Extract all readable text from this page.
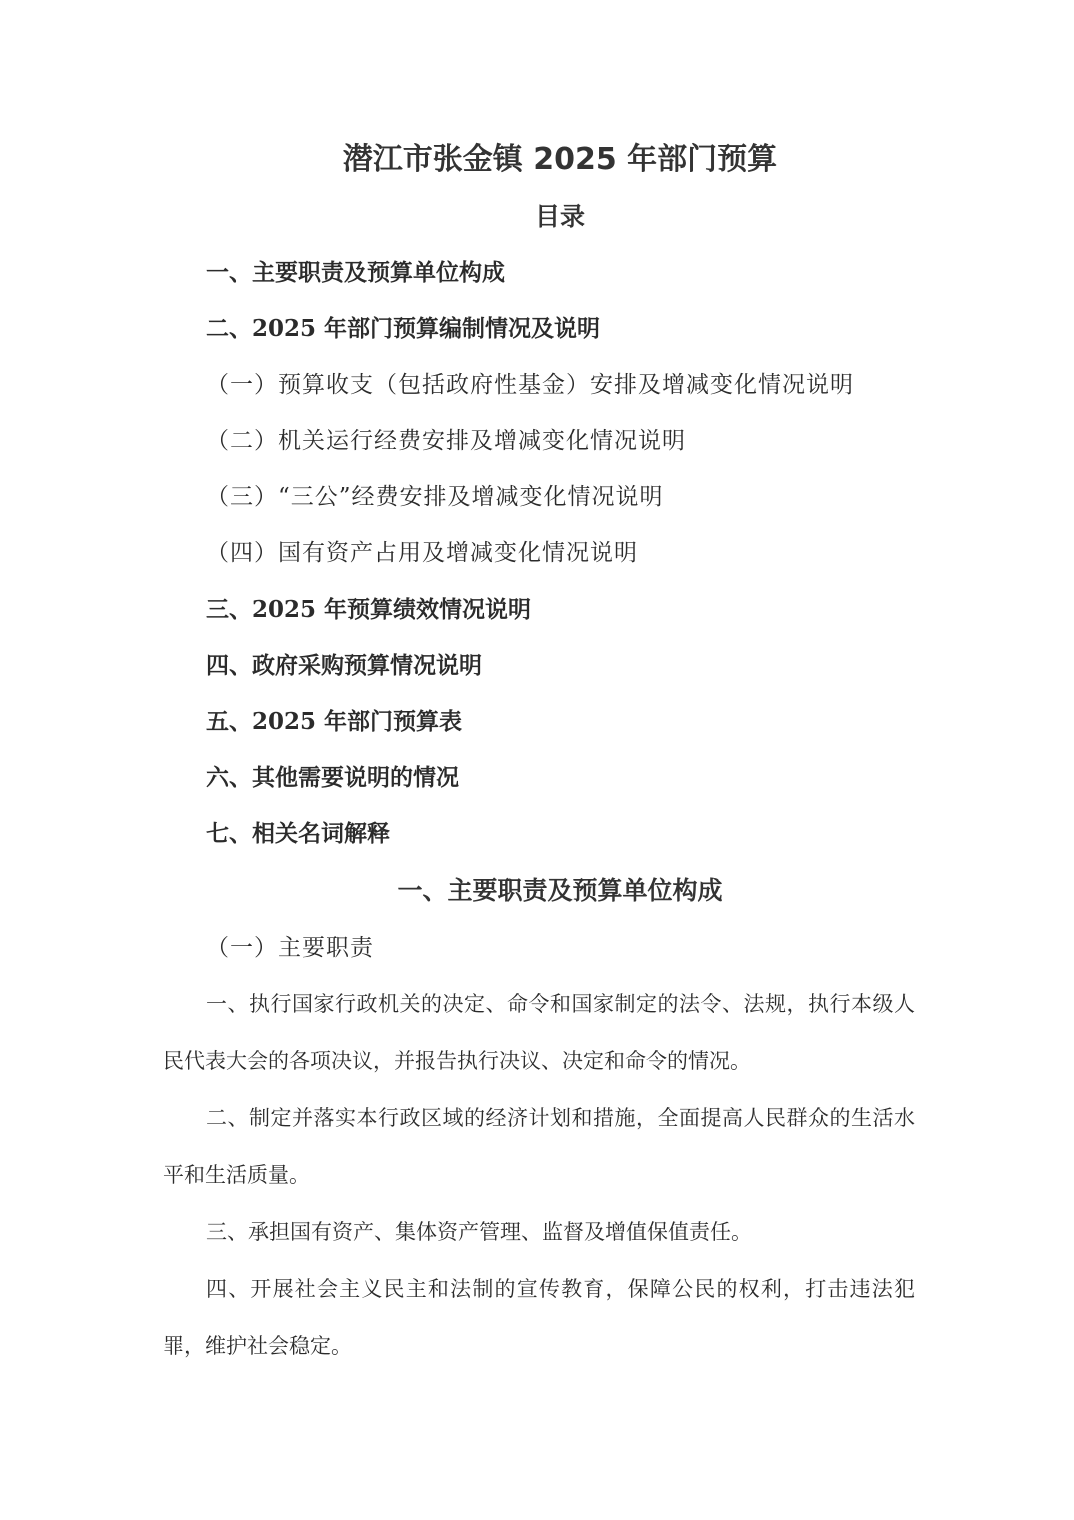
潜江市张金镇 2025 年部门预算
目录
一、主要职责及预算单位构成
二、2025 年部门预算编制情况及说明
（一）预算收支（包括政府性基金）安排及增减变化情况说明
（二）机关运行经费安排及增减变化情况说明
（三）“三公”经费安排及增减变化情况说明
（四）国有资产占用及增减变化情况说明
三、2025 年预算绩效情况说明
四、政府采购预算情况说明
五、2025 年部门预算表
六、其他需要说明的情况
七、相关名词解释
一、主要职责及预算单位构成
（一）主要职责

一、执行国家行政机关的决定、命令和国家制定的法令、法规，执行本级人民代表大会的各项决议，并报告执行决议、决定和命令的情况。

二、制定并落实本行政区域的经济计划和措施，全面提高人民群众的生活水平和生活质量。

三、承担国有资产、集体资产管理、监督及增值保值责任。

四、开展社会主义民主和法制的宣传教育，保障公民的权利，打击违法犯罪，维护社会稳定。
